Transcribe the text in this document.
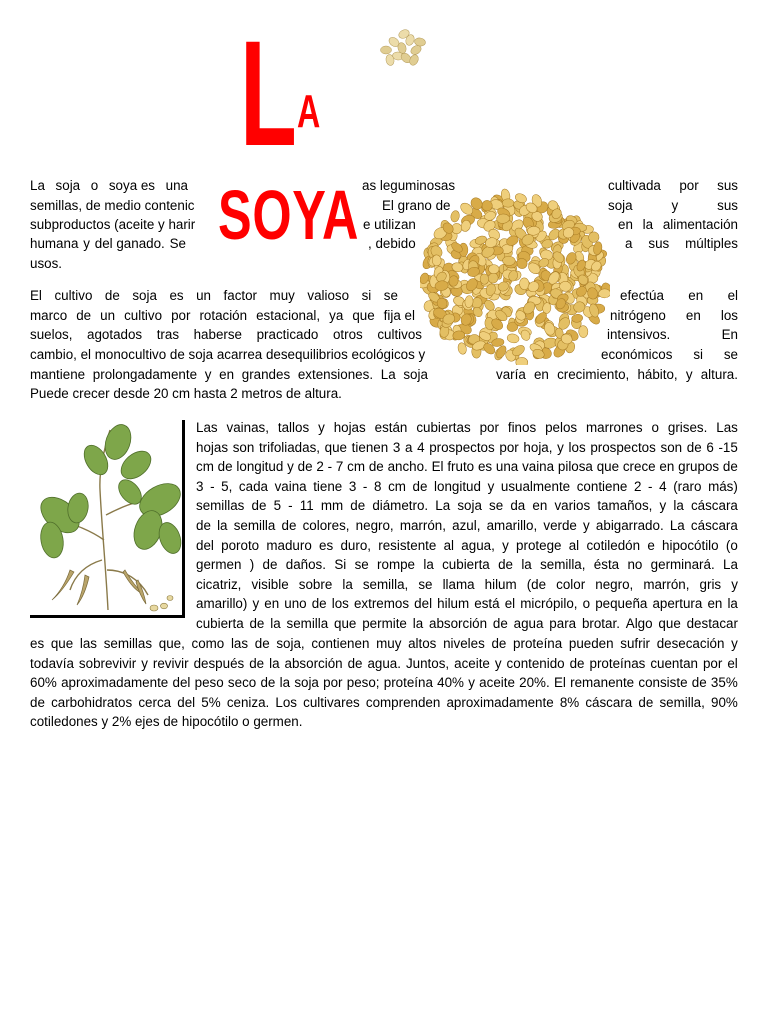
L A
SOYA
La soja o soya es una	as leguminosas	cultivada por sus
semillas, de medio contenic	El grano de	soja	y	sus
subproductos (aceite y harir	e utilizan	en la alimentación
humana y del ganado. Se	, debido	a sus múltiples
usos.
El cultivo de soja es un factor muy valioso si se	efectúa en el
marco de un cultivo por rotación estacional, ya que fija el	nitrógeno en los
suelos, agotados tras haberse practicado otros cultivos	intensivos.	En
cambio, el monocultivo de soja acarrea desequilibrios ecológicos y	económicos si se
mantiene prolongadamente y en grandes extensiones. La soja	varía en crecimiento, hábito, y altura.
Puede crecer desde 20 cm hasta 2 metros de altura.
Las vainas, tallos y hojas están cubiertas por finos pelos marrones o grises. Las
hojas son trifoliadas, que tienen 3 a 4 prospectos por hoja, y los prospectos son de 6 -15
cm de longitud y de 2 - 7 cm de ancho. El fruto es una vaina pilosa que crece en grupos de
3 - 5, cada vaina tiene 3 - 8 cm de longitud y usualmente contiene 2 - 4 (raro más)
semillas de 5 - 11 mm de diámetro. La soja se da en varios tamaños, y la cáscara
de la semilla de colores, negro, marrón, azul, amarillo, verde y abigarrado. La cáscara
del poroto maduro es duro, resistente al agua, y protege al cotiledón e hipocótilo (o
germen ) de daños. Si se rompe la cubierta de la semilla, ésta no germinará. La
cicatriz, visible sobre la semilla, se llama hilum (de color negro, marrón, gris y
amarillo) y en uno de los extremos del hilum está el micrópilo, o pequeña apertura en la
cubierta de la semilla que permite la absorción de agua para brotar. Algo que destacar
es que las semillas que, como las de soja, contienen muy altos niveles de proteína pueden sufrir desecación y
todavía sobrevivir y revivir después de la absorción de agua. Juntos, aceite y contenido de proteínas cuentan por el
60% aproximadamente del peso seco de la soja por peso; proteína 40% y aceite 20%. El remanente consiste de 35%
de carbohidratos cerca del 5% ceniza. Los cultivares comprenden aproximadamente 8% cáscara de semilla, 90%
cotiledones y 2% ejes de hipocótilo o germen.
